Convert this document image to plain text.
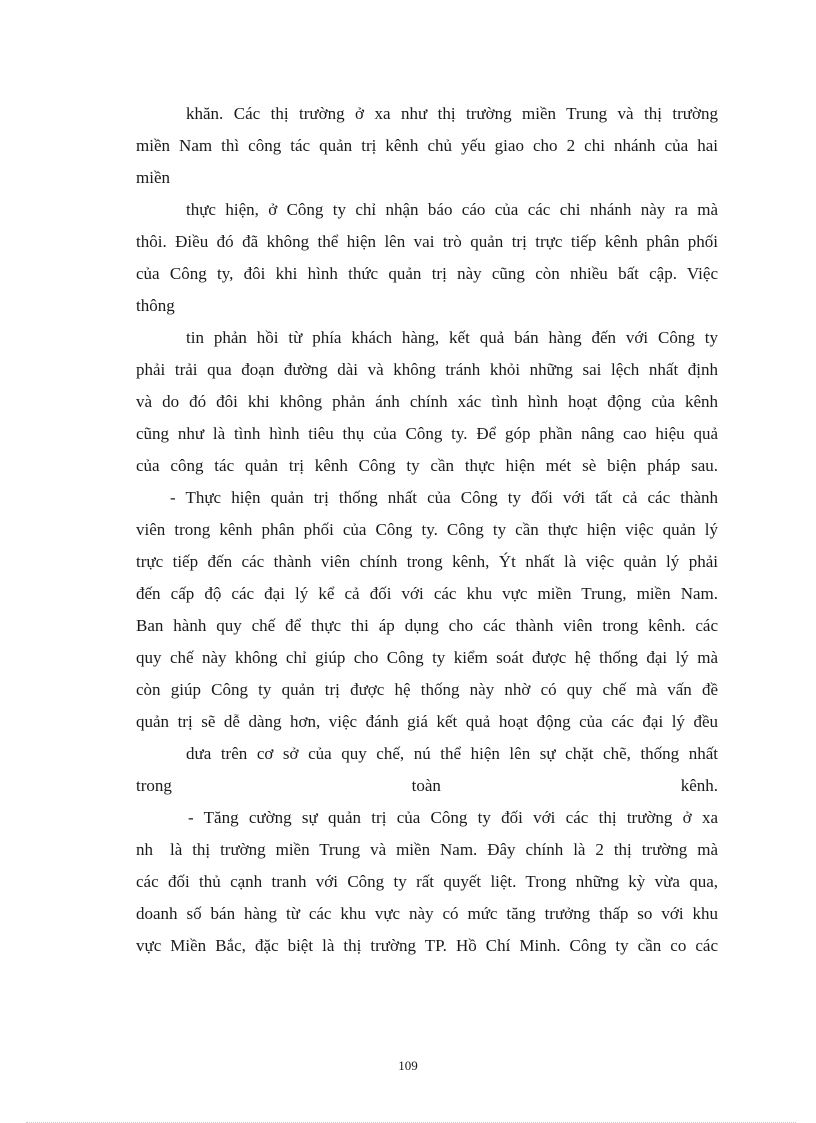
khăn. Các thị trường ở xa như thị trường miền Trung và thị trường

miền Nam thì công tác quản trị kênh chủ yếu giao cho 2 chi nhánh của hai

miền

thực hiện, ở Công ty chỉ nhận báo cáo của các chi nhánh này ra mà

thôi. Điều đó đã không thể hiện lên vai trò quản trị trực tiếp kênh phân phối

của Công ty, đôi khi hình thức quản trị này cũng còn nhiều bất cập. Việc

thông

tin phản hồi từ phía khách hàng, kết quả bán hàng đến với Công ty

phải trải qua đoạn đường dài và không tránh khỏi những sai lệch nhất định

và do đó đôi khi không phản ánh chính xác tình hình hoạt động của kênh

cũng như là tình hình tiêu thụ của Công ty. Để góp phần nâng cao hiệu quả

của công tác quản trị kênh Công ty cần thực hiện mét sè biện pháp sau.

- Thực hiện quản trị thống nhất của Công ty đối với tất cả các thành

viên trong kênh phân phối của Công ty. Công ty cần thực hiện việc quản lý

trực tiếp đến các thành viên chính trong kênh, Ýt nhất là việc quản lý phải

đến cấp độ các đại lý kể cả đối với các khu vực miền Trung, miền Nam.

Ban hành quy chế để thực thi áp dụng cho các thành viên trong kênh. các

quy chế này không chỉ giúp cho Công ty kiểm soát được hệ thống đại lý mà

còn giúp Công ty quản trị được hệ thống này nhờ có quy chế mà vấn đề

quản trị sẽ dễ dàng hơn, việc đánh giá kết quả hoạt động của các đại lý đều

dưa trên cơ sở của quy chế, nú thể hiện lên sự chặt chẽ, thống nhất

trong	toàn	kênh.

- Tăng cường sự quản trị của Công ty đối với các thị trường ở xa

nh	là thị trường miền Trung và miền Nam. Đây chính là 2 thị trường mà

các đối thủ cạnh tranh với Công ty rất quyết liệt. Trong những kỳ vừa qua,

doanh số bán hàng từ các khu vực này có mức tăng trưởng thấp so với khu

vực Miền Bắc, đặc biệt là thị trường TP. Hồ Chí Minh. Công ty cần co các

109
